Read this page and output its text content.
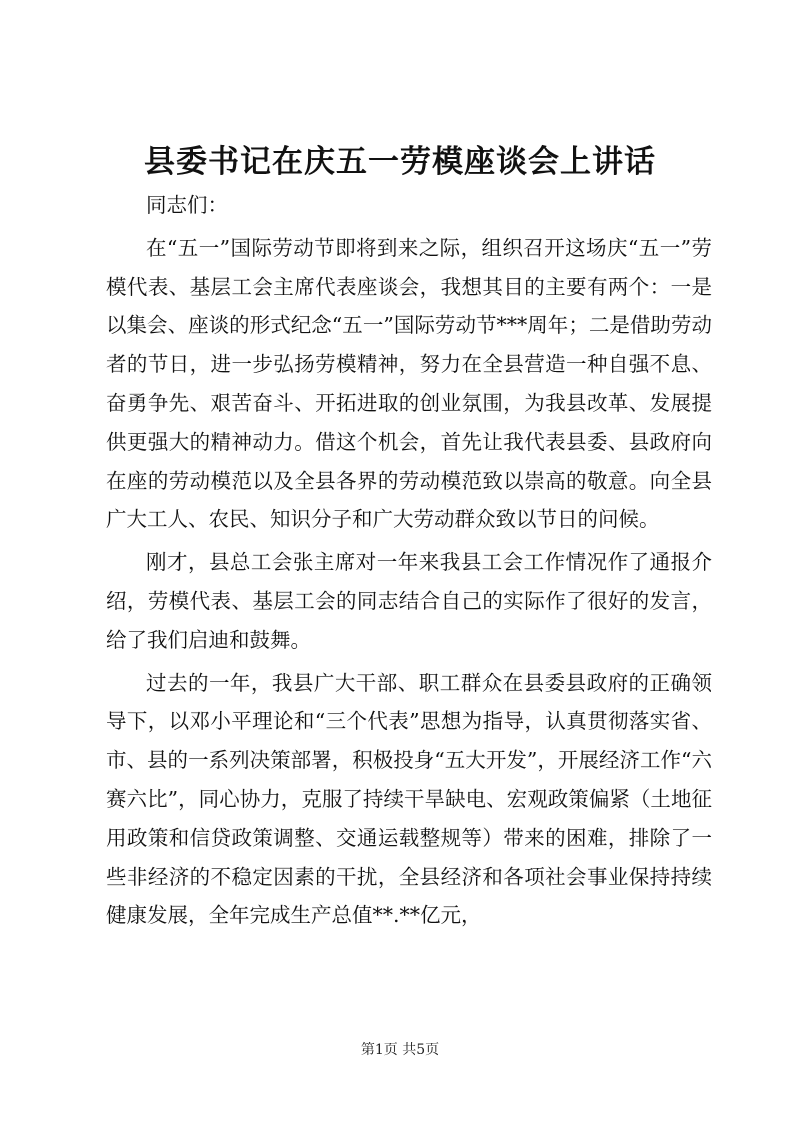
县委书记在庆五一劳模座谈会上讲话

同志们：

在“五一”国际劳动节即将到来之际，组织召开这场庆“五一”劳模代表、基层工会主席代表座谈会，我想其目的主要有两个：一是以集会、座谈的形式纪念“五一”国际劳动节***周年；二是借助劳动者的节日，进一步弘扬劳模精神，努力在全县营造一种自强不息、奋勇争先、艰苦奋斗、开拓进取的创业氛围，为我县改革、发展提供更强大的精神动力。借这个机会，首先让我代表县委、县政府向在座的劳动模范以及全县各界的劳动模范致以崇高的敬意。向全县广大工人、农民、知识分子和广大劳动群众致以节日的问候。

刚才，县总工会张主席对一年来我县工会工作情况作了通报介绍，劳模代表、基层工会的同志结合自己的实际作了很好的发言，给了我们启迪和鼓舞。

过去的一年，我县广大干部、职工群众在县委县政府的正确领导下，以邓小平理论和“三个代表”思想为指导，认真贯彻落实省、市、县的一系列决策部署，积极投身“五大开发”，开展经济工作“六赛六比”，同心协力，克服了持续干旱缺电、宏观政策偏紧（土地征用政策和信贷政策调整、交通运载整规等）带来的困难，排除了一些非经济的不稳定因素的干扰，全县经济和各项社会事业保持持续健康发展，全年完成生产总值**.**亿元，

第1页 共5页
